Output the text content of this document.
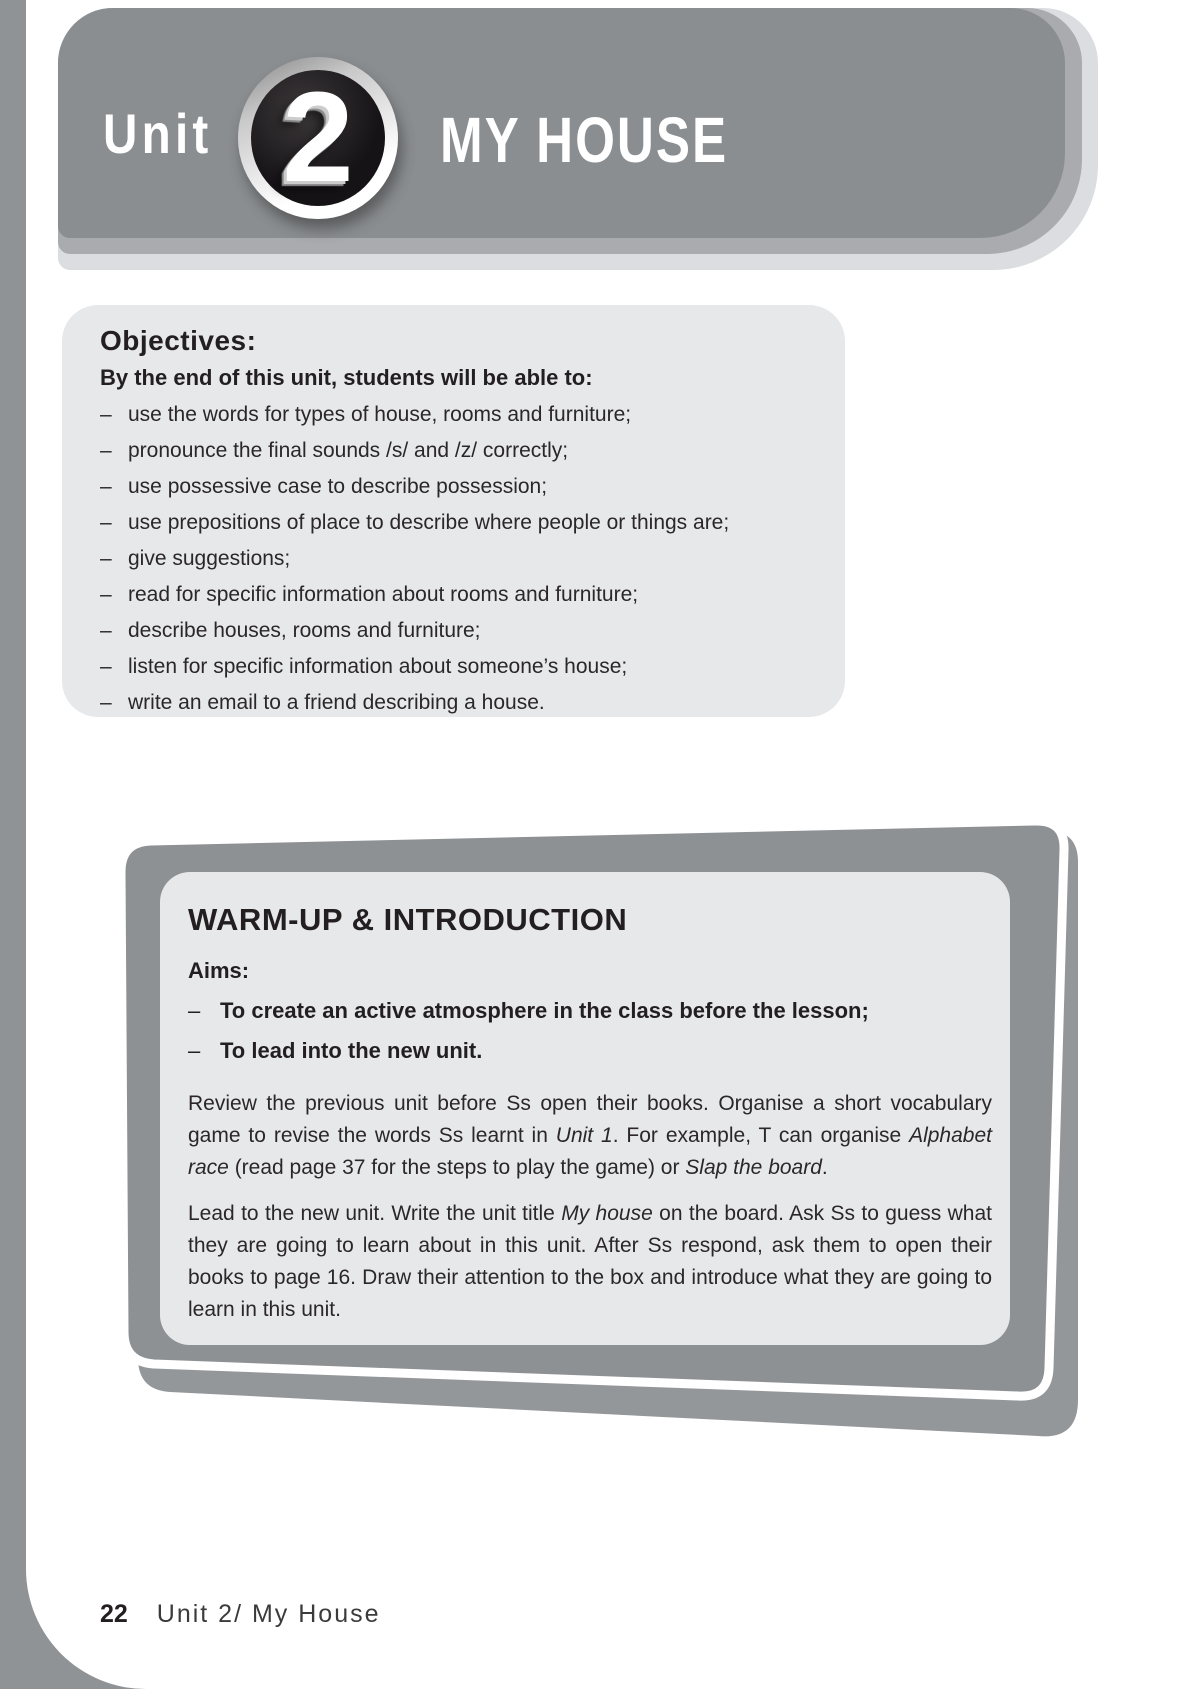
Unit 2 MY HOUSE
Objectives:

By the end of this unit, students will be able to:

– use the words for types of house, rooms and furniture;
– pronounce the final sounds /s/ and /z/ correctly;
– use possessive case to describe possession;
– use prepositions of place to describe where people or things are;
– give suggestions;
– read for specific information about rooms and furniture;
– describe houses, rooms and furniture;
– listen for specific information about someone’s house;
– write an email to a friend describing a house.
WARM-UP & INTRODUCTION

Aims:

– To create an active atmosphere in the class before the lesson;
– To lead into the new unit.

Review the previous unit before Ss open their books. Organise a short vocabulary game to revise the words Ss learnt in Unit 1. For example, T can organise Alphabet race (read page 37 for the steps to play the game) or Slap the board.

Lead to the new unit. Write the unit title My house on the board. Ask Ss to guess what they are going to learn about in this unit. After Ss respond, ask them to open their books to page 16. Draw their attention to the box and introduce what they are going to learn in this unit.

22 Unit 2/ My House
